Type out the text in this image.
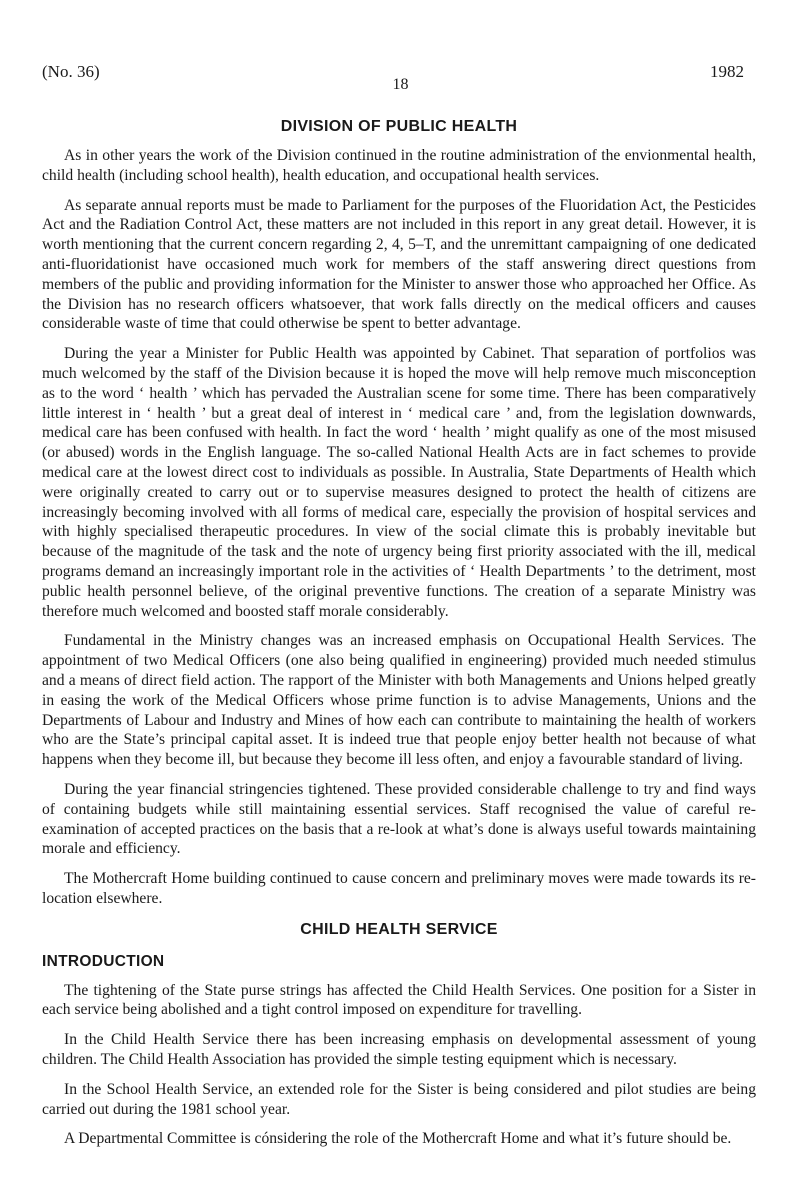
(No. 36)
18
1982
DIVISION OF PUBLIC HEALTH

As in other years the work of the Division continued in the routine administration of the envionmental health, child health (including school health), health education, and occupational health services.

As separate annual reports must be made to Parliament for the purposes of the Fluoridation Act, the Pesticides Act and the Radiation Control Act, these matters are not included in this report in any great detail. However, it is worth mentioning that the current concern regarding 2, 4, 5–T, and the unremittant campaigning of one dedicated anti-fluoridationist have occasioned much work for members of the staff answering direct questions from members of the public and providing information for the Minister to answer those who approached her Office. As the Division has no research officers whatsoever, that work falls directly on the medical officers and causes considerable waste of time that could otherwise be spent to better advantage.

During the year a Minister for Public Health was appointed by Cabinet. That separation of portfolios was much welcomed by the staff of the Division because it is hoped the move will help remove much misconception as to the word ‘ health ’ which has pervaded the Australian scene for some time. There has been comparatively little interest in ‘ health ’ but a great deal of interest in ‘ medical care ’ and, from the legislation downwards, medical care has been confused with health. In fact the word ‘ health ’ might qualify as one of the most misused (or abused) words in the English language. The so-called National Health Acts are in fact schemes to provide medical care at the lowest direct cost to individuals as possible. In Australia, State Departments of Health which were originally created to carry out or to supervise measures designed to protect the health of citizens are increasingly becoming involved with all forms of medical care, especially the provision of hospital services and with highly specialised therapeutic procedures. In view of the social climate this is probably inevitable but because of the magnitude of the task and the note of urgency being first priority associated with the ill, medical programs demand an increasingly important role in the activities of ‘ Health Departments ’ to the detriment, most public health personnel believe, of the original preventive functions. The creation of a separate Ministry was therefore much welcomed and boosted staff morale considerably.

Fundamental in the Ministry changes was an increased emphasis on Occupational Health Services. The appointment of two Medical Officers (one also being qualified in engineering) provided much needed stimulus and a means of direct field action. The rapport of the Minister with both Managements and Unions helped greatly in easing the work of the Medical Officers whose prime function is to advise Managements, Unions and the Departments of Labour and Industry and Mines of how each can contribute to maintaining the health of workers who are the State’s principal capital asset. It is indeed true that people enjoy better health not because of what happens when they become ill, but because they become ill less often, and enjoy a favourable standard of living.

During the year financial stringencies tightened. These provided considerable challenge to try and find ways of containing budgets while still maintaining essential services. Staff recognised the value of careful re-examination of accepted practices on the basis that a re-look at what’s done is always useful towards maintaining morale and efficiency.

The Mothercraft Home building continued to cause concern and preliminary moves were made towards its re-location elsewhere.

CHILD HEALTH SERVICE
INTRODUCTION

The tightening of the State purse strings has affected the Child Health Services. One position for a Sister in each service being abolished and a tight control imposed on expenditure for travelling.

In the Child Health Service there has been increasing emphasis on developmental assessment of young children. The Child Health Association has provided the simple testing equipment which is necessary.

In the School Health Service, an extended role for the Sister is being considered and pilot studies are being carried out during the 1981 school year.

A Departmental Committee is cónsidering the role of the Mothercraft Home and what it’s future should be.
